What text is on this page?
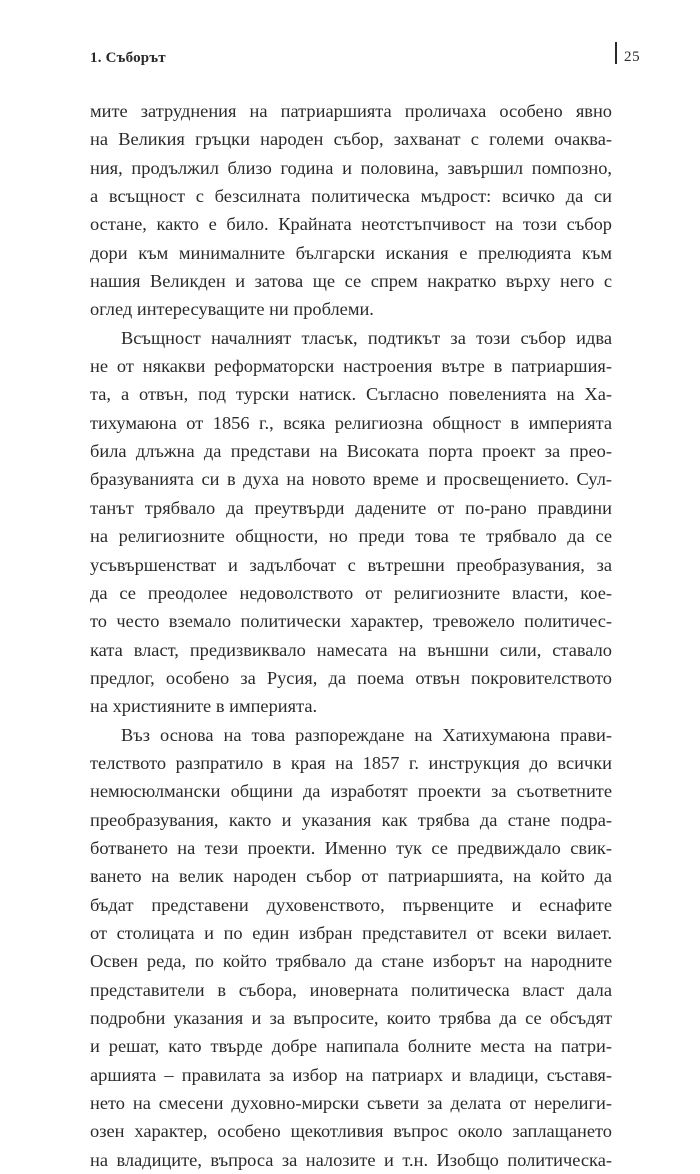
1. Съборът	25
мите затруднения на патриаршията проличаха особено явно
на Великия гръцки народен събор, захванат с големи очаква-
ния, продължил близо година и половина, завършил помпозно,
а всъщност с безсилната политическа мъдрост: всичко да си
остане, както е било. Крайната неотстъпчивост на този събор
дори към минималните български искания е прелюдията към
нашия Великден и затова ще се спрем накратко върху него с
оглед интересуващите ни проблеми.
Всъщност началният тласък, подтикът за този събор идва
не от някакви реформаторски настроения вътре в патриаршия-
та, а отвън, под турски натиск. Съгласно повеленията на Ха-
тихумаюна от 1856 г., всяка религиозна общност в империята
била длъжна да представи на Високата порта проект за прео-
бразуванията си в духа на новото време и просвещението. Сул-
танът трябвало да преутвърди дадените от по-рано правдини
на религиозните общности, но преди това те трябвало да се
усъвършенстват и задълбочат с вътрешни преобразувания, за
да се преодолее недоволството от религиозните власти, кое-
то често вземало политически характер, тревожело политичес-
ката власт, предизвиквало намесата на външни сили, ставало
предлог, особено за Русия, да поема отвън покровителството
на християните в империята.
Въз основа на това разпореждане на Хатихумаюна прави-
телството разпратило в края на 1857 г. инструкция до всички
немюсюлмански общини да изработят проекти за съответните
преобразувания, както и указания как трябва да стане подра-
ботването на тези проекти. Именно тук се предвиждало свик-
ването на велик народен събор от патриаршията, на който да
бъдат представени духовенството, първенците и еснафите
от столицата и по един избран представител от всеки вилает.
Освен реда, по който трябвало да стане изборът на народните
представители в събора, иноверната политическа власт дала
подробни указания и за въпросите, които трябва да се обсъдят
и решат, като твърде добре напипала болните места на патри-
аршията – правилата за избор на патриарх и владици, съставя-
нето на смесени духовно-мирски съвети за делата от нерелиги-
озен характер, особено щекотливия въпрос около заплащането
на владиците, въпроса за налозите и т.н. Изобщо политическа-
